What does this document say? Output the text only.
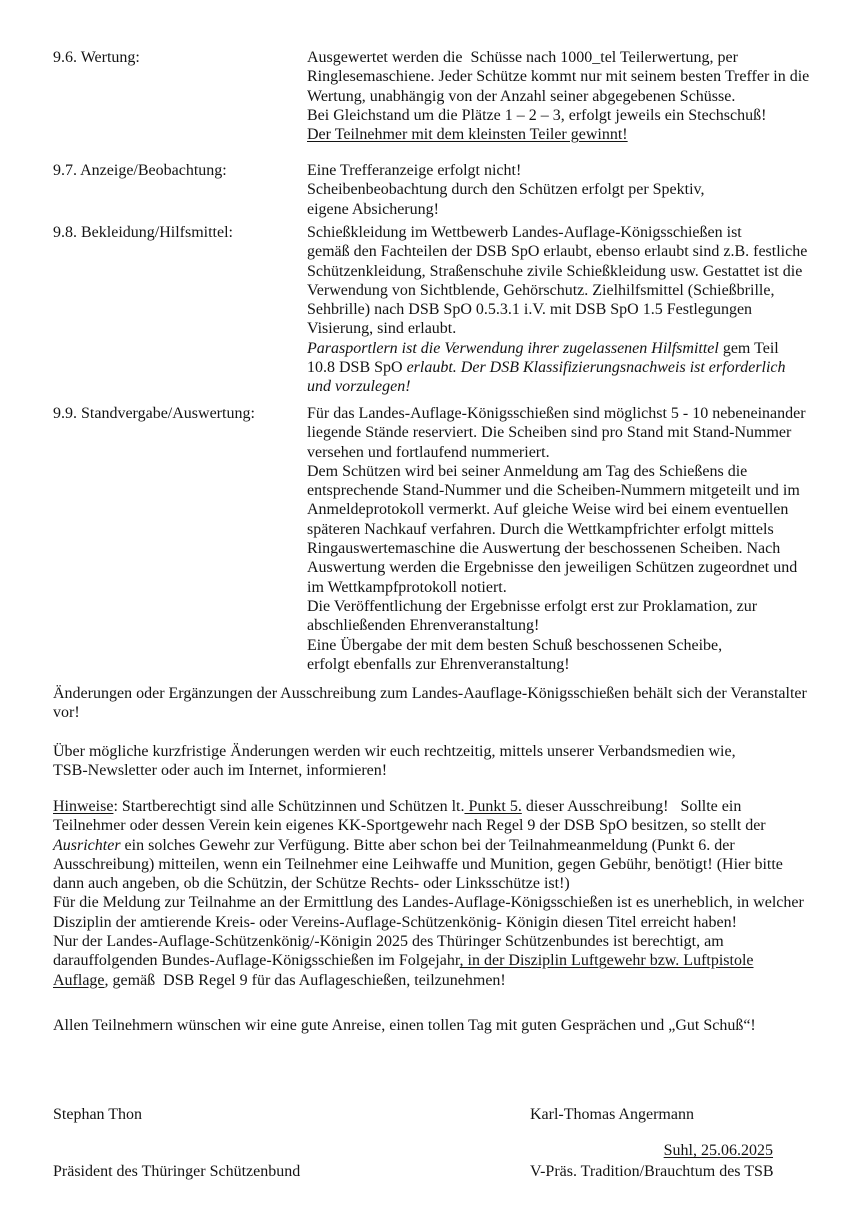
9.6. Wertung:	Ausgewertet werden die  Schüsse nach 1000_tel Teilerwertung, per
Ringlesemaschiene. Jeder Schütze kommt nur mit seinem besten Treffer in die
Wertung, unabhängig von der Anzahl seiner abgegebenen Schüsse.
Bei Gleichstand um die Plätze 1 – 2 – 3, erfolgt jeweils ein Stechschuß!
Der Teilnehmer mit dem kleinsten Teiler gewinnt!
9.7. Anzeige/Beobachtung:	Eine Trefferanzeige erfolgt nicht!
Scheibenbeobachtung durch den Schützen erfolgt per Spektiv,
eigene Absicherung!
9.8. Bekleidung/Hilfsmittel:	Schießkleidung im Wettbewerb Landes-Auflage-Königsschießen ist
gemäß den Fachteilen der DSB SpO erlaubt, ebenso erlaubt sind z.B. festliche
Schützenkleidung, Straßenschuhe zivile Schießkleidung usw. Gestattet ist die
Verwendung von Sichtblende, Gehörschutz. Zielhilfsmittel (Schießbrille,
Sehbrille) nach DSB SpO 0.5.3.1 i.V. mit DSB SpO 1.5 Festlegungen
Visierung, sind erlaubt.
Parasportlern ist die Verwendung ihrer zugelassenen Hilfsmittel gem Teil
10.8 DSB SpO erlaubt. Der DSB Klassifizierungsnachweis ist erforderlich
und vorzulegen!
9.9. Standvergabe/Auswertung:	Für das Landes-Auflage-Königsschießen sind möglichst 5 - 10 nebeneinander
liegende Stände reserviert. Die Scheiben sind pro Stand mit Stand-Nummer
versehen und fortlaufend nummeriert.
Dem Schützen wird bei seiner Anmeldung am Tag des Schießens die
entsprechende Stand-Nummer und die Scheiben-Nummern mitgeteilt und im
Anmeldeprotokoll vermerkt. Auf gleiche Weise wird bei einem eventuellen
späteren Nachkauf verfahren. Durch die Wettkampfrichter erfolgt mittels
Ringauswertemaschine die Auswertung der beschossenen Scheiben. Nach
Auswertung werden die Ergebnisse den jeweiligen Schützen zugeordnet und
im Wettkampfprotokoll notiert.
Die Veröffentlichung der Ergebnisse erfolgt erst zur Proklamation, zur
abschließenden Ehrenveranstaltung!
Eine Übergabe der mit dem besten Schuß beschossenen Scheibe,
erfolgt ebenfalls zur Ehrenveranstaltung!
Änderungen oder Ergänzungen der Ausschreibung zum Landes-Aauflage-Königsschießen behält sich der Veranstalter
vor!
Über mögliche kurzfristige Änderungen werden wir euch rechtzeitig, mittels unserer Verbandsmedien wie,
TSB-Newsletter oder auch im Internet, informieren!
Hinweise: Startberechtigt sind alle Schützinnen und Schützen lt. Punkt 5. dieser Ausschreibung!   Sollte ein
Teilnehmer oder dessen Verein kein eigenes KK-Sportgewehr nach Regel 9 der DSB SpO besitzen, so stellt der
Ausrichter ein solches Gewehr zur Verfügung. Bitte aber schon bei der Teilnahmeanmeldung (Punkt 6. der
Ausschreibung) mitteilen, wenn ein Teilnehmer eine Leihwaffe und Munition, gegen Gebühr, benötigt! (Hier bitte
dann auch angeben, ob die Schützin, der Schütze Rechts- oder Linksschütze ist!)
Für die Meldung zur Teilnahme an der Ermittlung des Landes-Auflage-Königsschießen ist es unerheblich, in welcher
Disziplin der amtierende Kreis- oder Vereins-Auflage-Schützenkönig- Königin diesen Titel erreicht haben!
Nur der Landes-Auflage-Schützenkönig/-Königin 2025 des Thüringer Schützenbundes ist berechtigt, am
darauffolgenden Bundes-Auflage-Königsschießen im Folgejahr, in der Disziplin Luftgewehr bzw. Luftpistole
Auflage, gemäß  DSB Regel 9 für das Auflageschießen, teilzunehmen!
Allen Teilnehmern wünschen wir eine gute Anreise, einen tollen Tag mit guten Gesprächen und „Gut Schuß“!

Stephan Thon

Präsident des Thüringer Schützenbund

Karl-Thomas Angermann

V-Präs. Tradition/Brauchtum des TSB

Suhl, 25.06.2025
